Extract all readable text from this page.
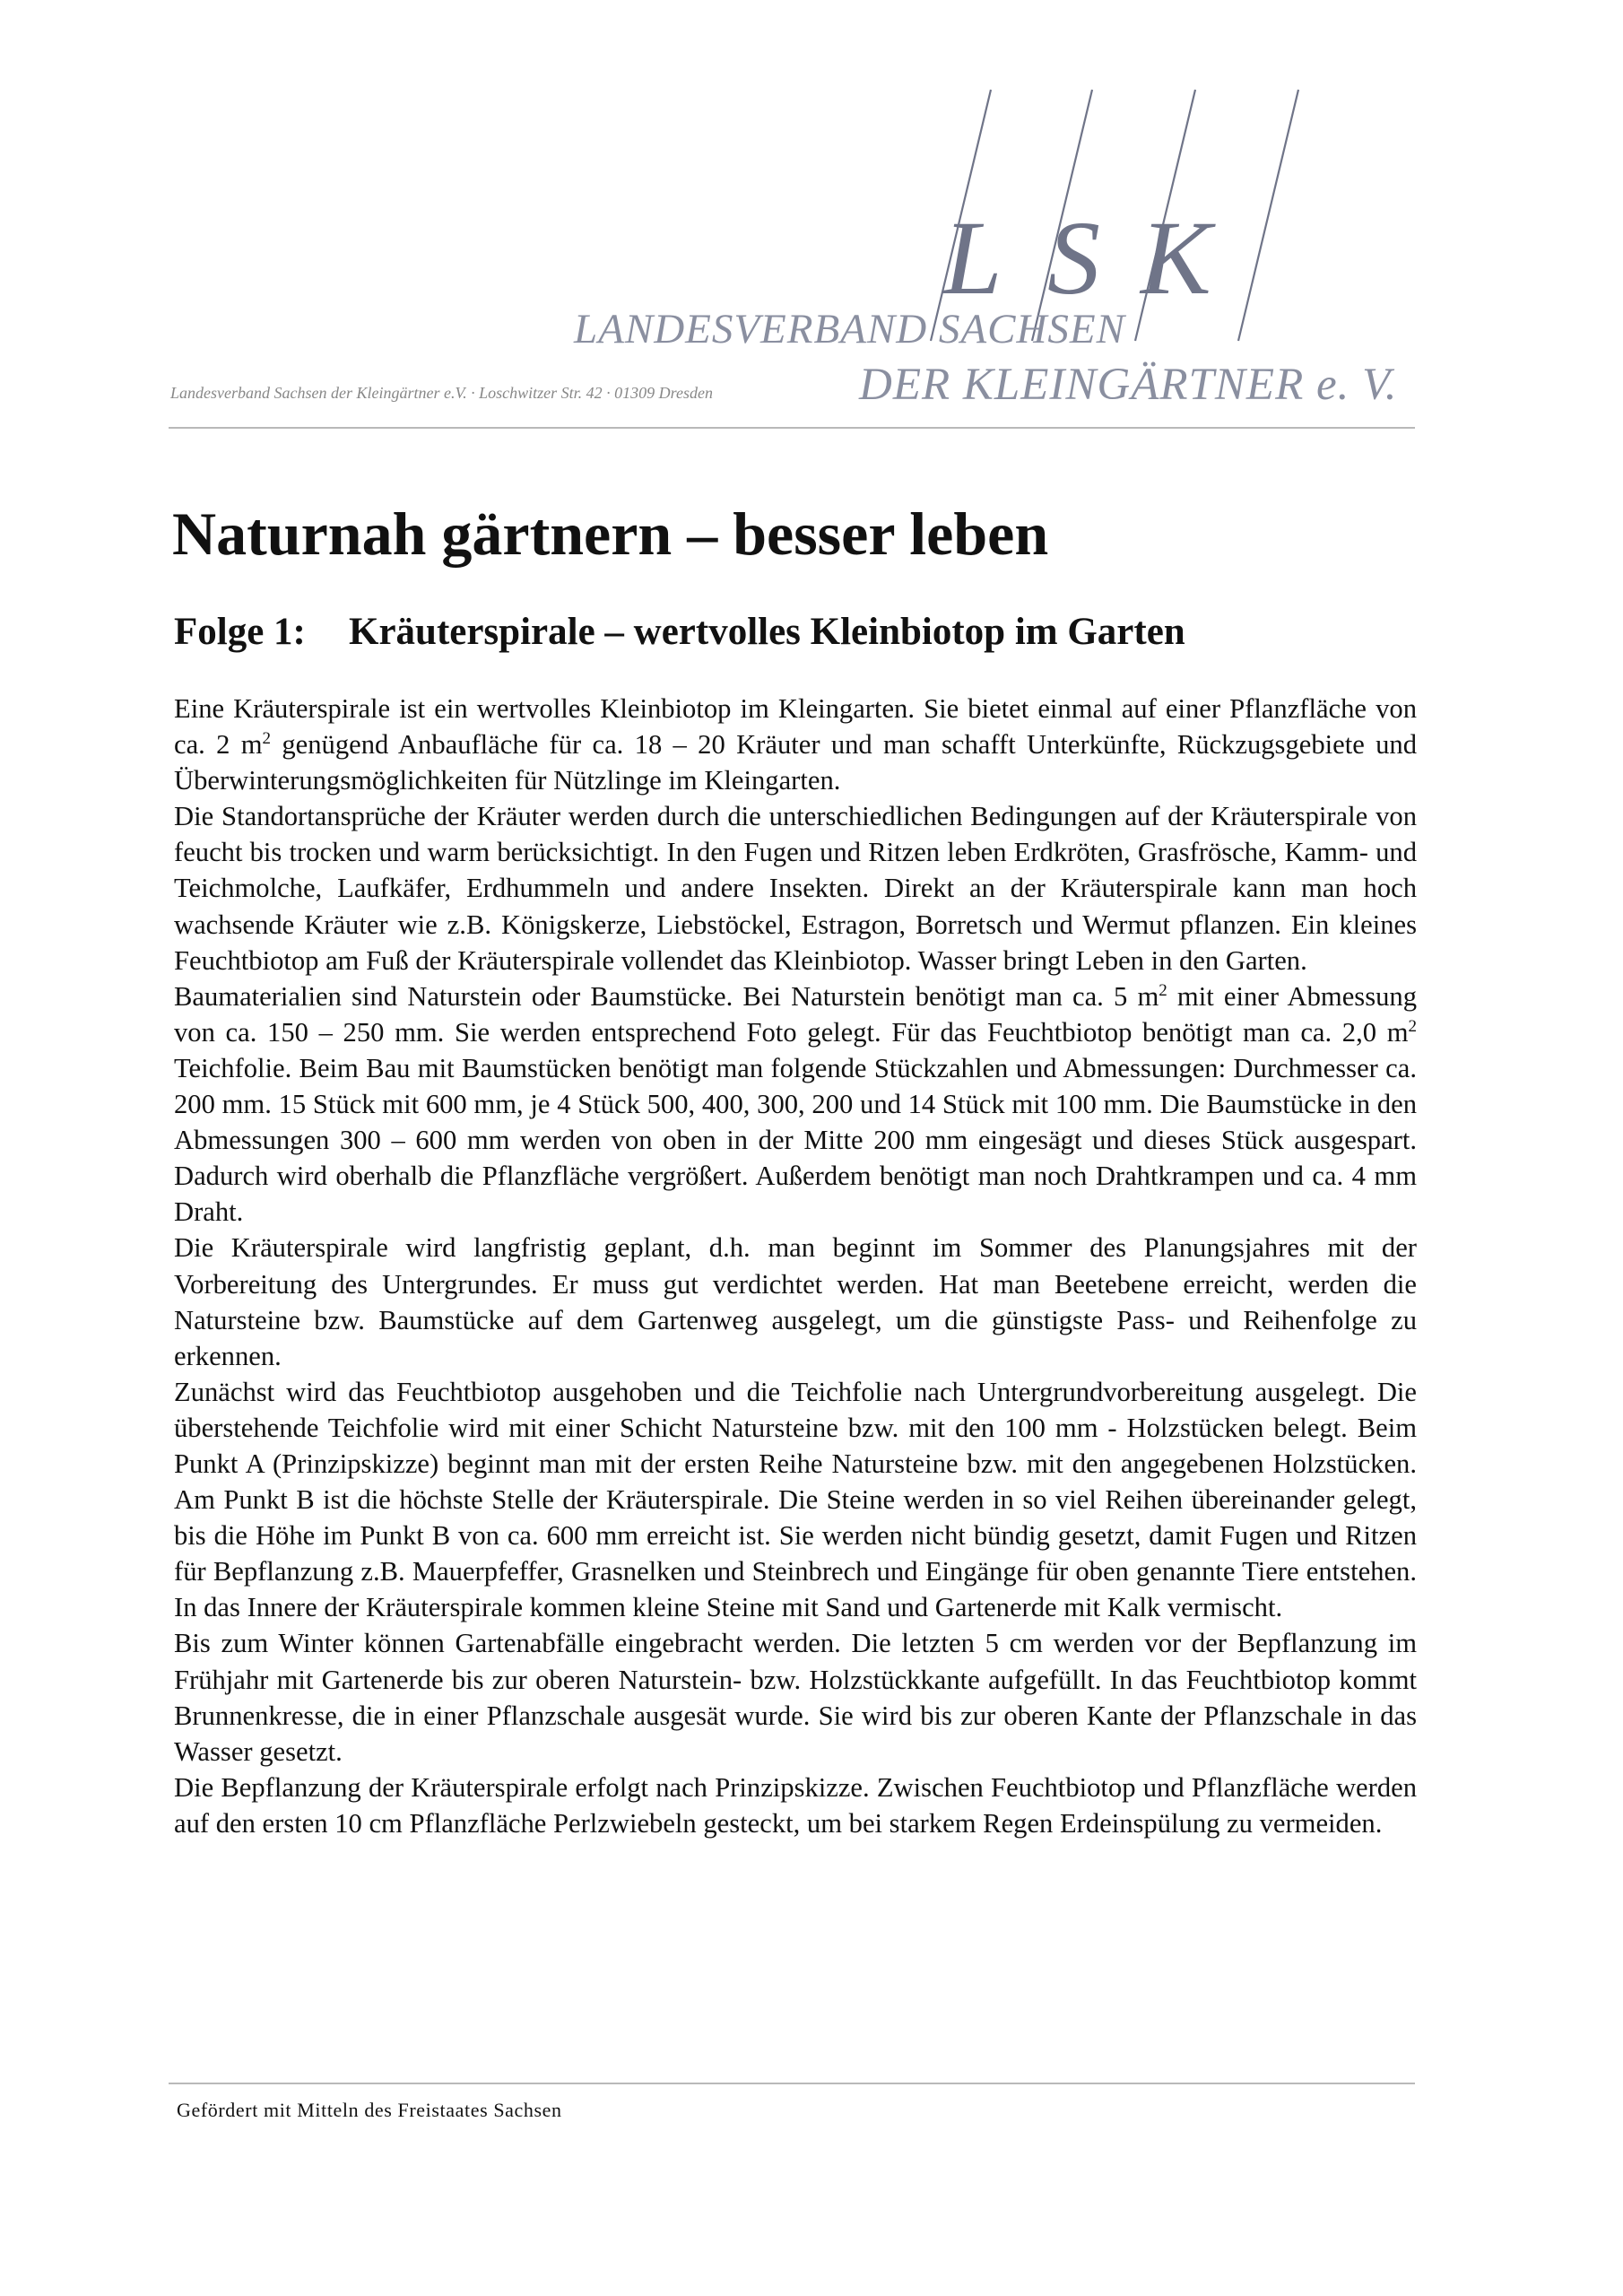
L S K
LANDESVERBAND SACHSEN
DER KLEINGÄRTNER e. V.
Landesverband Sachsen der Kleingärtner e.V. · Loschwitzer Str. 42 · 01309 Dresden
Naturnah gärtnern – besser leben
Folge 1: Kräuterspirale – wertvolles Kleinbiotop im Garten

Eine Kräuterspirale ist ein wertvolles Kleinbiotop im Kleingarten. Sie bietet einmal auf einer Pflanzfläche von ca. 2 $m^2$ genügend Anbaufläche für ca. 18 – 20 Kräuter und man schafft Unterkünfte, Rückzugsgebiete und Überwinterungsmöglichkeiten für Nützlinge im Kleingarten.

Die Standortansprüche der Kräuter werden durch die unterschiedlichen Bedingungen auf der Kräuterspirale von feucht bis trocken und warm berücksichtigt. In den Fugen und Ritzen leben Erdkröten, Grasfrösche, Kamm- und Teichmolche, Laufkäfer, Erdhummeln und andere Insekten. Direkt an der Kräuterspirale kann man hoch wachsende Kräuter wie z.B. Königskerze, Liebstöckel, Estragon, Borretsch und Wermut pflanzen. Ein kleines Feuchtbiotop am Fuß der Kräuterspirale vollendet das Kleinbiotop. Wasser bringt Leben in den Garten.

Baumaterialien sind Naturstein oder Baumstücke. Bei Naturstein benötigt man ca. 5 $m^2$ mit einer Abmessung von ca. 150 – 250 mm. Sie werden entsprechend Foto gelegt. Für das Feuchtbiotop benötigt man ca. 2,0 $m^2$ Teichfolie. Beim Bau mit Baumstücken benötigt man folgende Stückzahlen und Abmessungen: Durchmesser ca. 200 mm. 15 Stück mit 600 mm, je 4 Stück 500, 400, 300, 200 und 14 Stück mit 100 mm. Die Baumstücke in den Abmessungen 300 – 600 mm werden von oben in der Mitte 200 mm eingesägt und dieses Stück ausgespart. Dadurch wird oberhalb die Pflanzfläche vergrößert. Außerdem benötigt man noch Drahtkrampen und ca. 4 mm Draht.

Die Kräuterspirale wird langfristig geplant, d.h. man beginnt im Sommer des Planungsjahres mit der Vorbereitung des Untergrundes. Er muss gut verdichtet werden. Hat man Beetebene erreicht, werden die Natursteine bzw. Baumstücke auf dem Gartenweg ausgelegt, um die günstigste Pass- und Reihenfolge zu erkennen.

Zunächst wird das Feuchtbiotop ausgehoben und die Teichfolie nach Untergrundvorbereitung ausgelegt. Die überstehende Teichfolie wird mit einer Schicht Natursteine bzw. mit den 100 mm - Holzstücken belegt. Beim Punkt A (Prinzipskizze) beginnt man mit der ersten Reihe Natursteine bzw. mit den angegebenen Holzstücken. Am Punkt B ist die höchste Stelle der Kräuterspirale. Die Steine werden in so viel Reihen übereinander gelegt, bis die Höhe im Punkt B von ca. 600 mm erreicht ist. Sie werden nicht bündig gesetzt, damit Fugen und Ritzen für Bepflanzung z.B. Mauerpfeffer, Grasnelken und Steinbrech und Eingänge für oben genannte Tiere entstehen. In das Innere der Kräuterspirale kommen kleine Steine mit Sand und Gartenerde mit Kalk vermischt.

Bis zum Winter können Gartenabfälle eingebracht werden. Die letzten 5 cm werden vor der Bepflanzung im Frühjahr mit Gartenerde bis zur oberen Naturstein- bzw. Holzstückkante aufgefüllt. In das Feuchtbiotop kommt Brunnenkresse, die in einer Pflanzschale ausgesät wurde. Sie wird bis zur oberen Kante der Pflanzschale in das Wasser gesetzt.

Die Bepflanzung der Kräuterspirale erfolgt nach Prinzipskizze. Zwischen Feuchtbiotop und Pflanzfläche werden auf den ersten 10 cm Pflanzfläche Perlzwiebeln gesteckt, um bei starkem Regen Erdeinspülung zu vermeiden.

Gefördert mit Mitteln des Freistaates Sachsen
